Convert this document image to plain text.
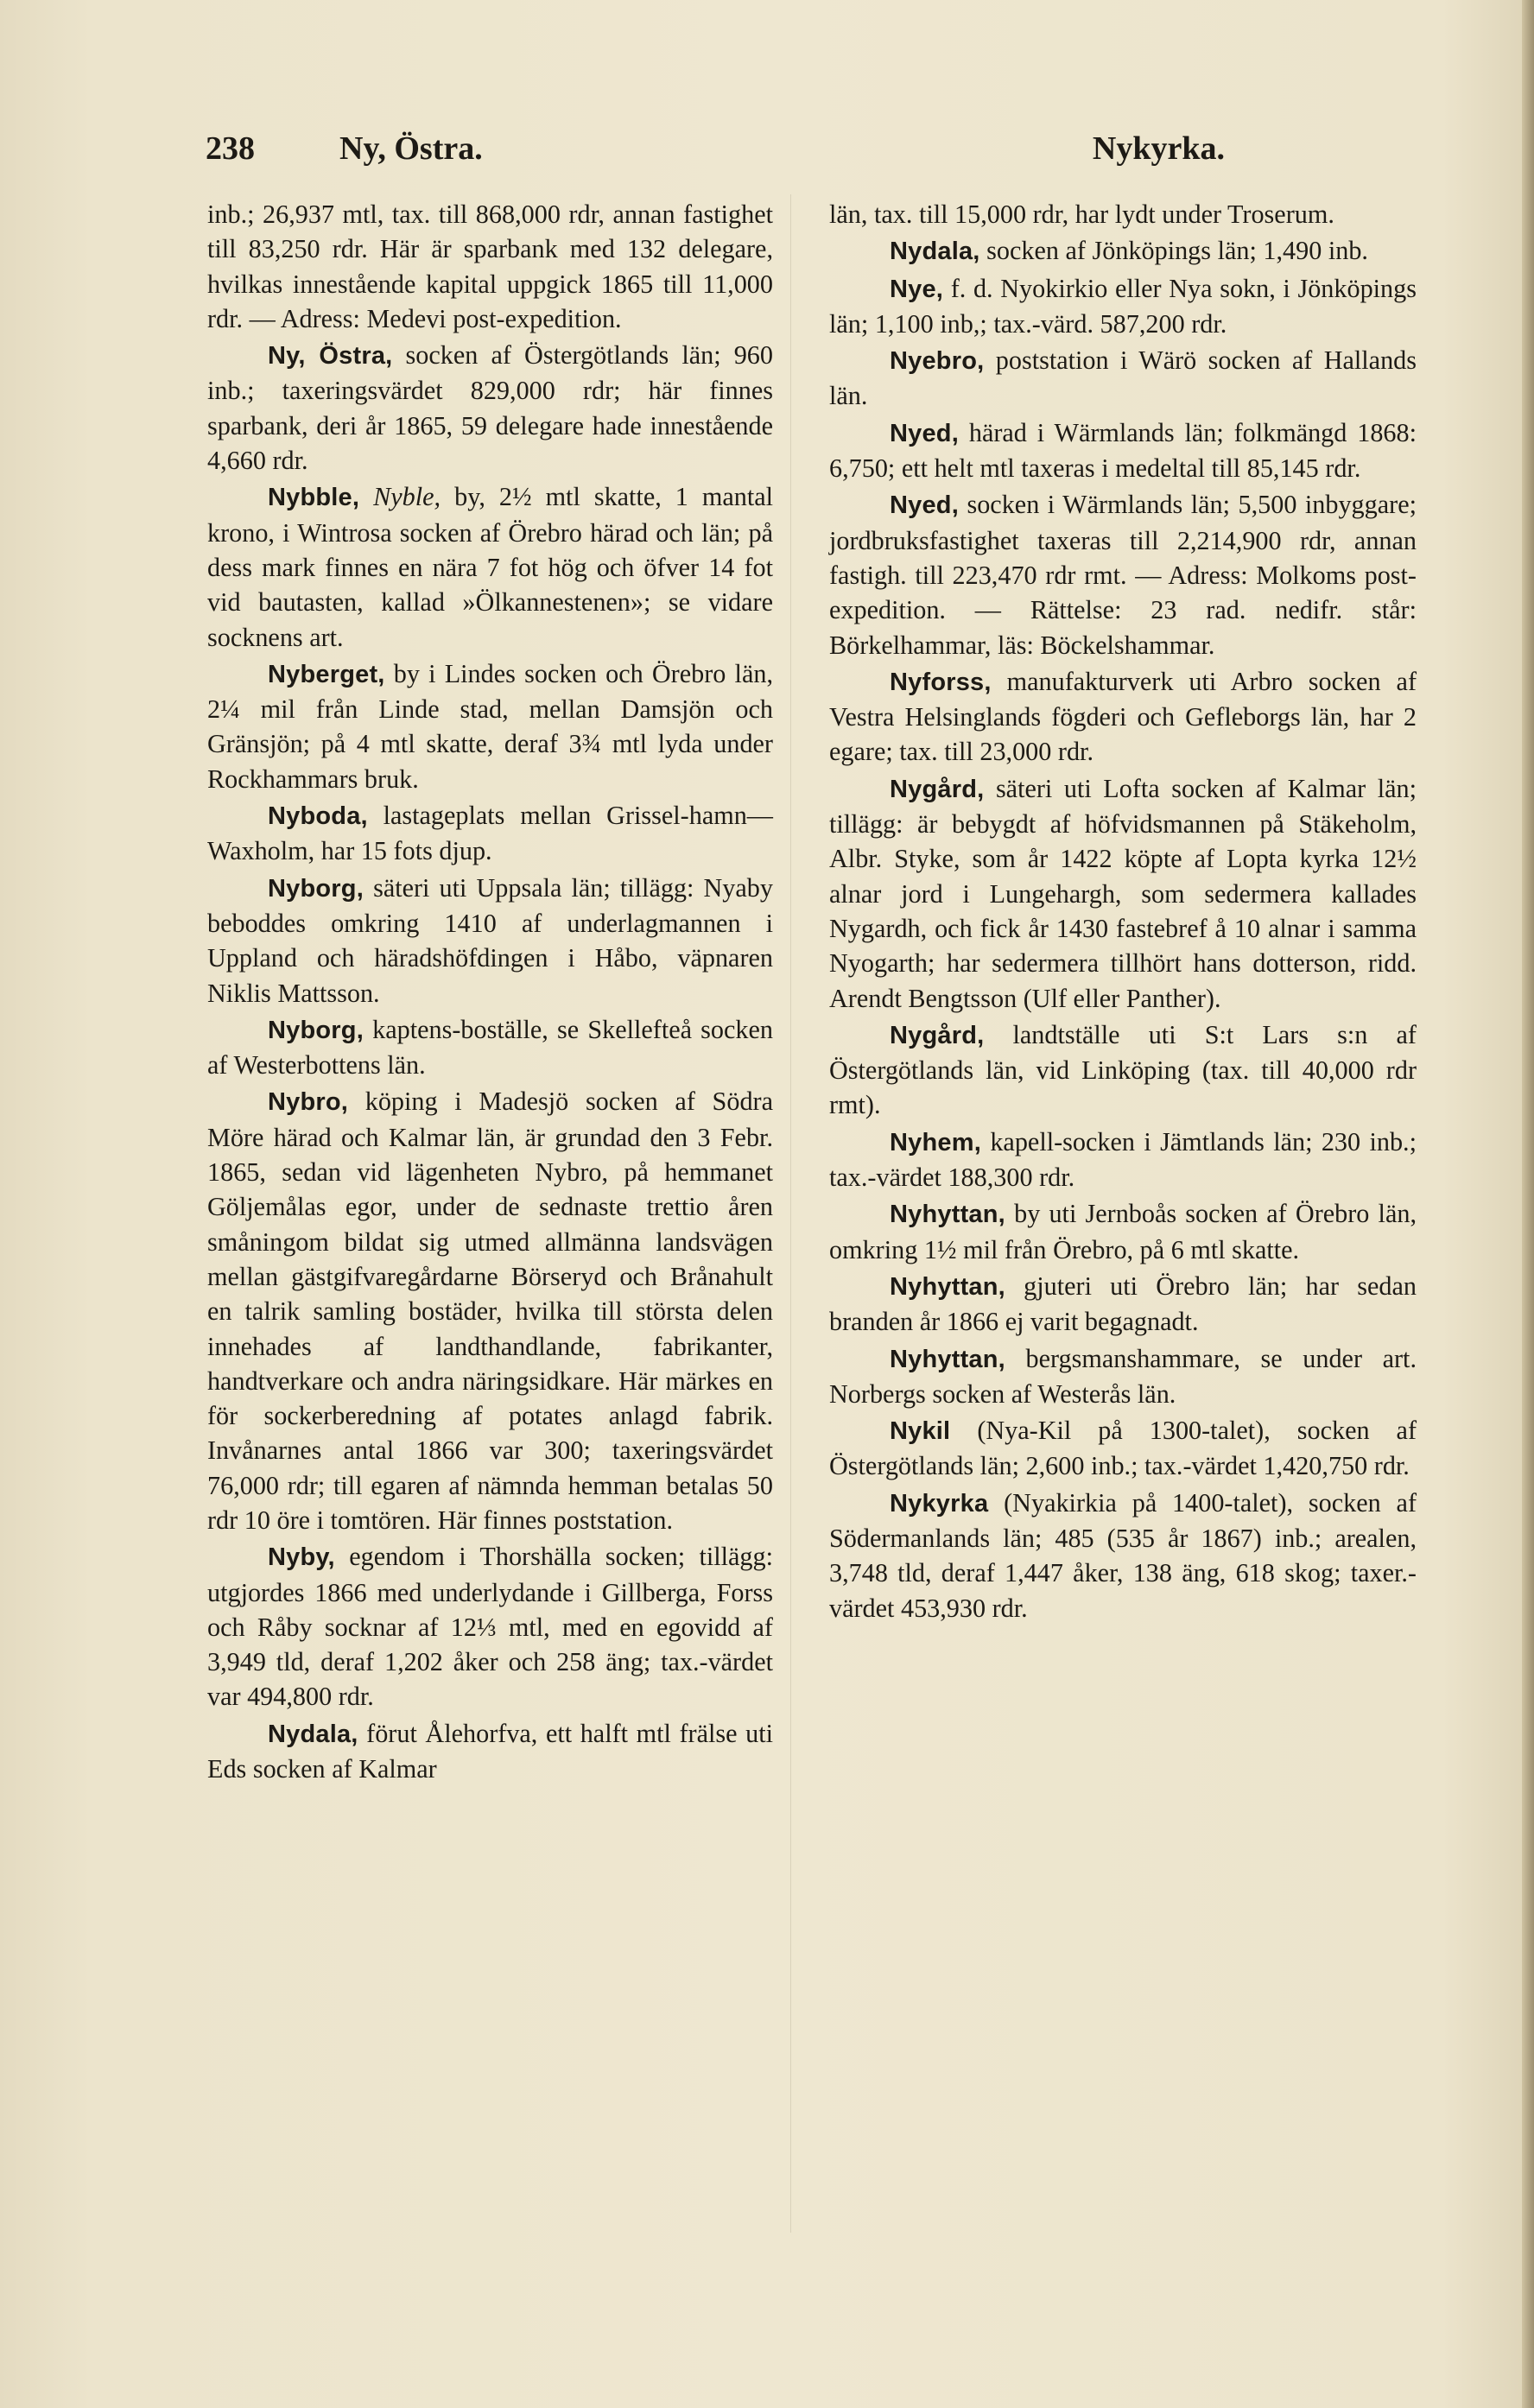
238	Ny, Östra.	Nykyrka.

inb.; 26,937 mtl, tax. till 868,000 rdr, annan fastighet till 83,250 rdr. Här är sparbank med 132 delegare, hvilkas innestående kapital uppgick 1865 till 11,000 rdr. — Adress: Medevi post-expedition.

Ny, Östra, socken af Östergötlands län; 960 inb.; taxeringsvärdet 829,000 rdr; här finnes sparbank, deri år 1865, 59 delegare hade innestående 4,660 rdr.

Nybble, Nyble, by, 2½ mtl skatte, 1 mantal krono, i Wintrosa socken af Örebro härad och län; på dess mark finnes en nära 7 fot hög och öfver 14 fot vid bautasten, kallad »Ölkannestenen»; se vidare socknens art.

Nyberget, by i Lindes socken och Örebro län, 2¼ mil från Linde stad, mellan Damsjön och Gränsjön; på 4 mtl skatte, deraf 3¾ mtl lyda under Rockhammars bruk.

Nyboda, lastageplats mellan Grissel-hamn—Waxholm, har 15 fots djup.

Nyborg, säteri uti Uppsala län; tillägg: Nyaby beboddes omkring 1410 af underlagmannen i Uppland och häradshöfdingen i Håbo, väpnaren Niklis Mattsson.

Nyborg, kaptens-boställe, se Skellefteå socken af Westerbottens län.

Nybro, köping i Madesjö socken af Södra Möre härad och Kalmar län, är grundad den 3 Febr. 1865, sedan vid lägenheten Nybro, på hemmanet Göljemålas egor, under de sednaste trettio åren småningom bildat sig utmed allmänna landsvägen mellan gästgifvaregårdarne Börseryd och Brånahult en talrik samling bostäder, hvilka till största delen innehades af landthandlande, fabrikanter, handtverkare och andra näringsidkare. Här märkes en för sockerberedning af potates anlagd fabrik. Invånarnes antal 1866 var 300; taxeringsvärdet 76,000 rdr; till egaren af nämnda hemman betalas 50 rdr 10 öre i tomtören. Här finnes poststation.

Nyby, egendom i Thorshälla socken; tillägg: utgjordes 1866 med underlydande i Gillberga, Forss och Råby socknar af 12⅓ mtl, med en egovidd af 3,949 tld, deraf 1,202 åker och 258 äng; tax.-värdet var 494,800 rdr.

Nydala, förut Ålehorfva, ett halft mtl frälse uti Eds socken af Kalmar

län, tax. till 15,000 rdr, har lydt under Troserum.

Nydala, socken af Jönköpings län; 1,490 inb.

Nye, f. d. Nyokirkio eller Nya sokn, i Jönköpings län; 1,100 inb,; tax.-värd. 587,200 rdr.

Nyebro, poststation i Wärö socken af Hallands län.

Nyed, härad i Wärmlands län; folkmängd 1868: 6,750; ett helt mtl taxeras i medeltal till 85,145 rdr.

Nyed, socken i Wärmlands län; 5,500 inbyggare; jordbruksfastighet taxeras till 2,214,900 rdr, annan fastigh. till 223,470 rdr rmt. — Adress: Molkoms post-expedition. — Rättelse: 23 rad. nedifr. står: Börkelhammar, läs: Böckelshammar.

Nyforss, manufakturverk uti Arbro socken af Vestra Helsinglands fögderi och Gefleborgs län, har 2 egare; tax. till 23,000 rdr.

Nygård, säteri uti Lofta socken af Kalmar län; tillägg: är bebygdt af höfvidsmannen på Stäkeholm, Albr. Styke, som år 1422 köpte af Lopta kyrka 12½ alnar jord i Lungehargh, som sedermera kallades Nygardh, och fick år 1430 fastebref å 10 alnar i samma Nyogarth; har sedermera tillhört hans dotterson, ridd. Arendt Bengtsson (Ulf eller Panther).

Nygård, landtställe uti S:t Lars s:n af Östergötlands län, vid Linköping (tax. till 40,000 rdr rmt).

Nyhem, kapell-socken i Jämtlands län; 230 inb.; tax.-värdet 188,300 rdr.

Nyhyttan, by uti Jernboås socken af Örebro län, omkring 1½ mil från Örebro, på 6 mtl skatte.

Nyhyttan, gjuteri uti Örebro län; har sedan branden år 1866 ej varit begagnadt.

Nyhyttan, bergsmanshammare, se under art. Norbergs socken af Westerås län.

Nykil (Nya-Kil på 1300-talet), socken af Östergötlands län; 2,600 inb.; tax.-värdet 1,420,750 rdr.

Nykyrka (Nyakirkia på 1400-talet), socken af Södermanlands län; 485 (535 år 1867) inb.; arealen, 3,748 tld, deraf 1,447 åker, 138 äng, 618 skog; taxer.-värdet 453,930 rdr.
